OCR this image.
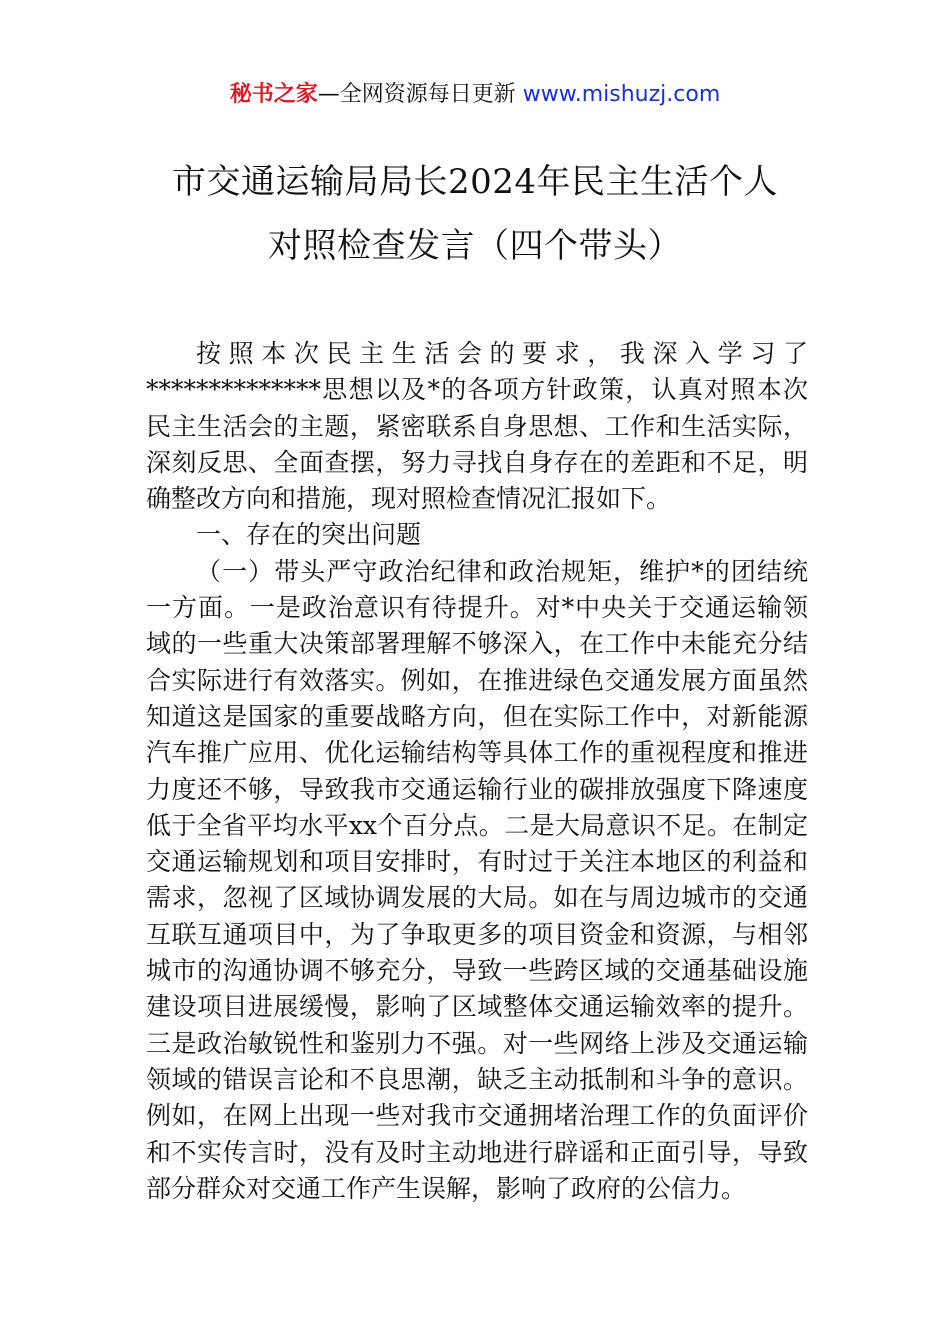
秘书之家—全网资源每日更新 www.mishuzj.com
市交通运输局局长2024年民主生活个人
对照检查发言（四个带头）

按照本次民主生活会的要求，我深入学习了**************思想以及*的各项方针政策，认真对照本次民主生活会的主题，紧密联系自身思想、工作和生活实际，深刻反思、全面查摆，努力寻找自身存在的差距和不足，明确整改方向和措施，现对照检查情况汇报如下。

一、存在的突出问题

（一）带头严守政治纪律和政治规矩，维护*的团结统一方面。一是政治意识有待提升。对*中央关于交通运输领域的一些重大决策部署理解不够深入，在工作中未能充分结合实际进行有效落实。例如，在推进绿色交通发展方面虽然知道这是国家的重要战略方向，但在实际工作中，对新能源汽车推广应用、优化运输结构等具体工作的重视程度和推进力度还不够，导致我市交通运输行业的碳排放强度下降速度低于全省平均水平xx个百分点。二是大局意识不足。在制定交通运输规划和项目安排时，有时过于关注本地区的利益和需求，忽视了区域协调发展的大局。如在与周边城市的交通互联互通项目中，为了争取更多的项目资金和资源，与相邻城市的沟通协调不够充分，导致一些跨区域的交通基础设施建设项目进展缓慢，影响了区域整体交通运输效率的提升。三是政治敏锐性和鉴别力不强。对一些网络上涉及交通运输领域的错误言论和不良思潮，缺乏主动抵制和斗争的意识。例如，在网上出现一些对我市交通拥堵治理工作的负面评价和不实传言时，没有及时主动地进行辟谣和正面引导，导致部分群众对交通工作产生误解，影响了政府的公信力。
